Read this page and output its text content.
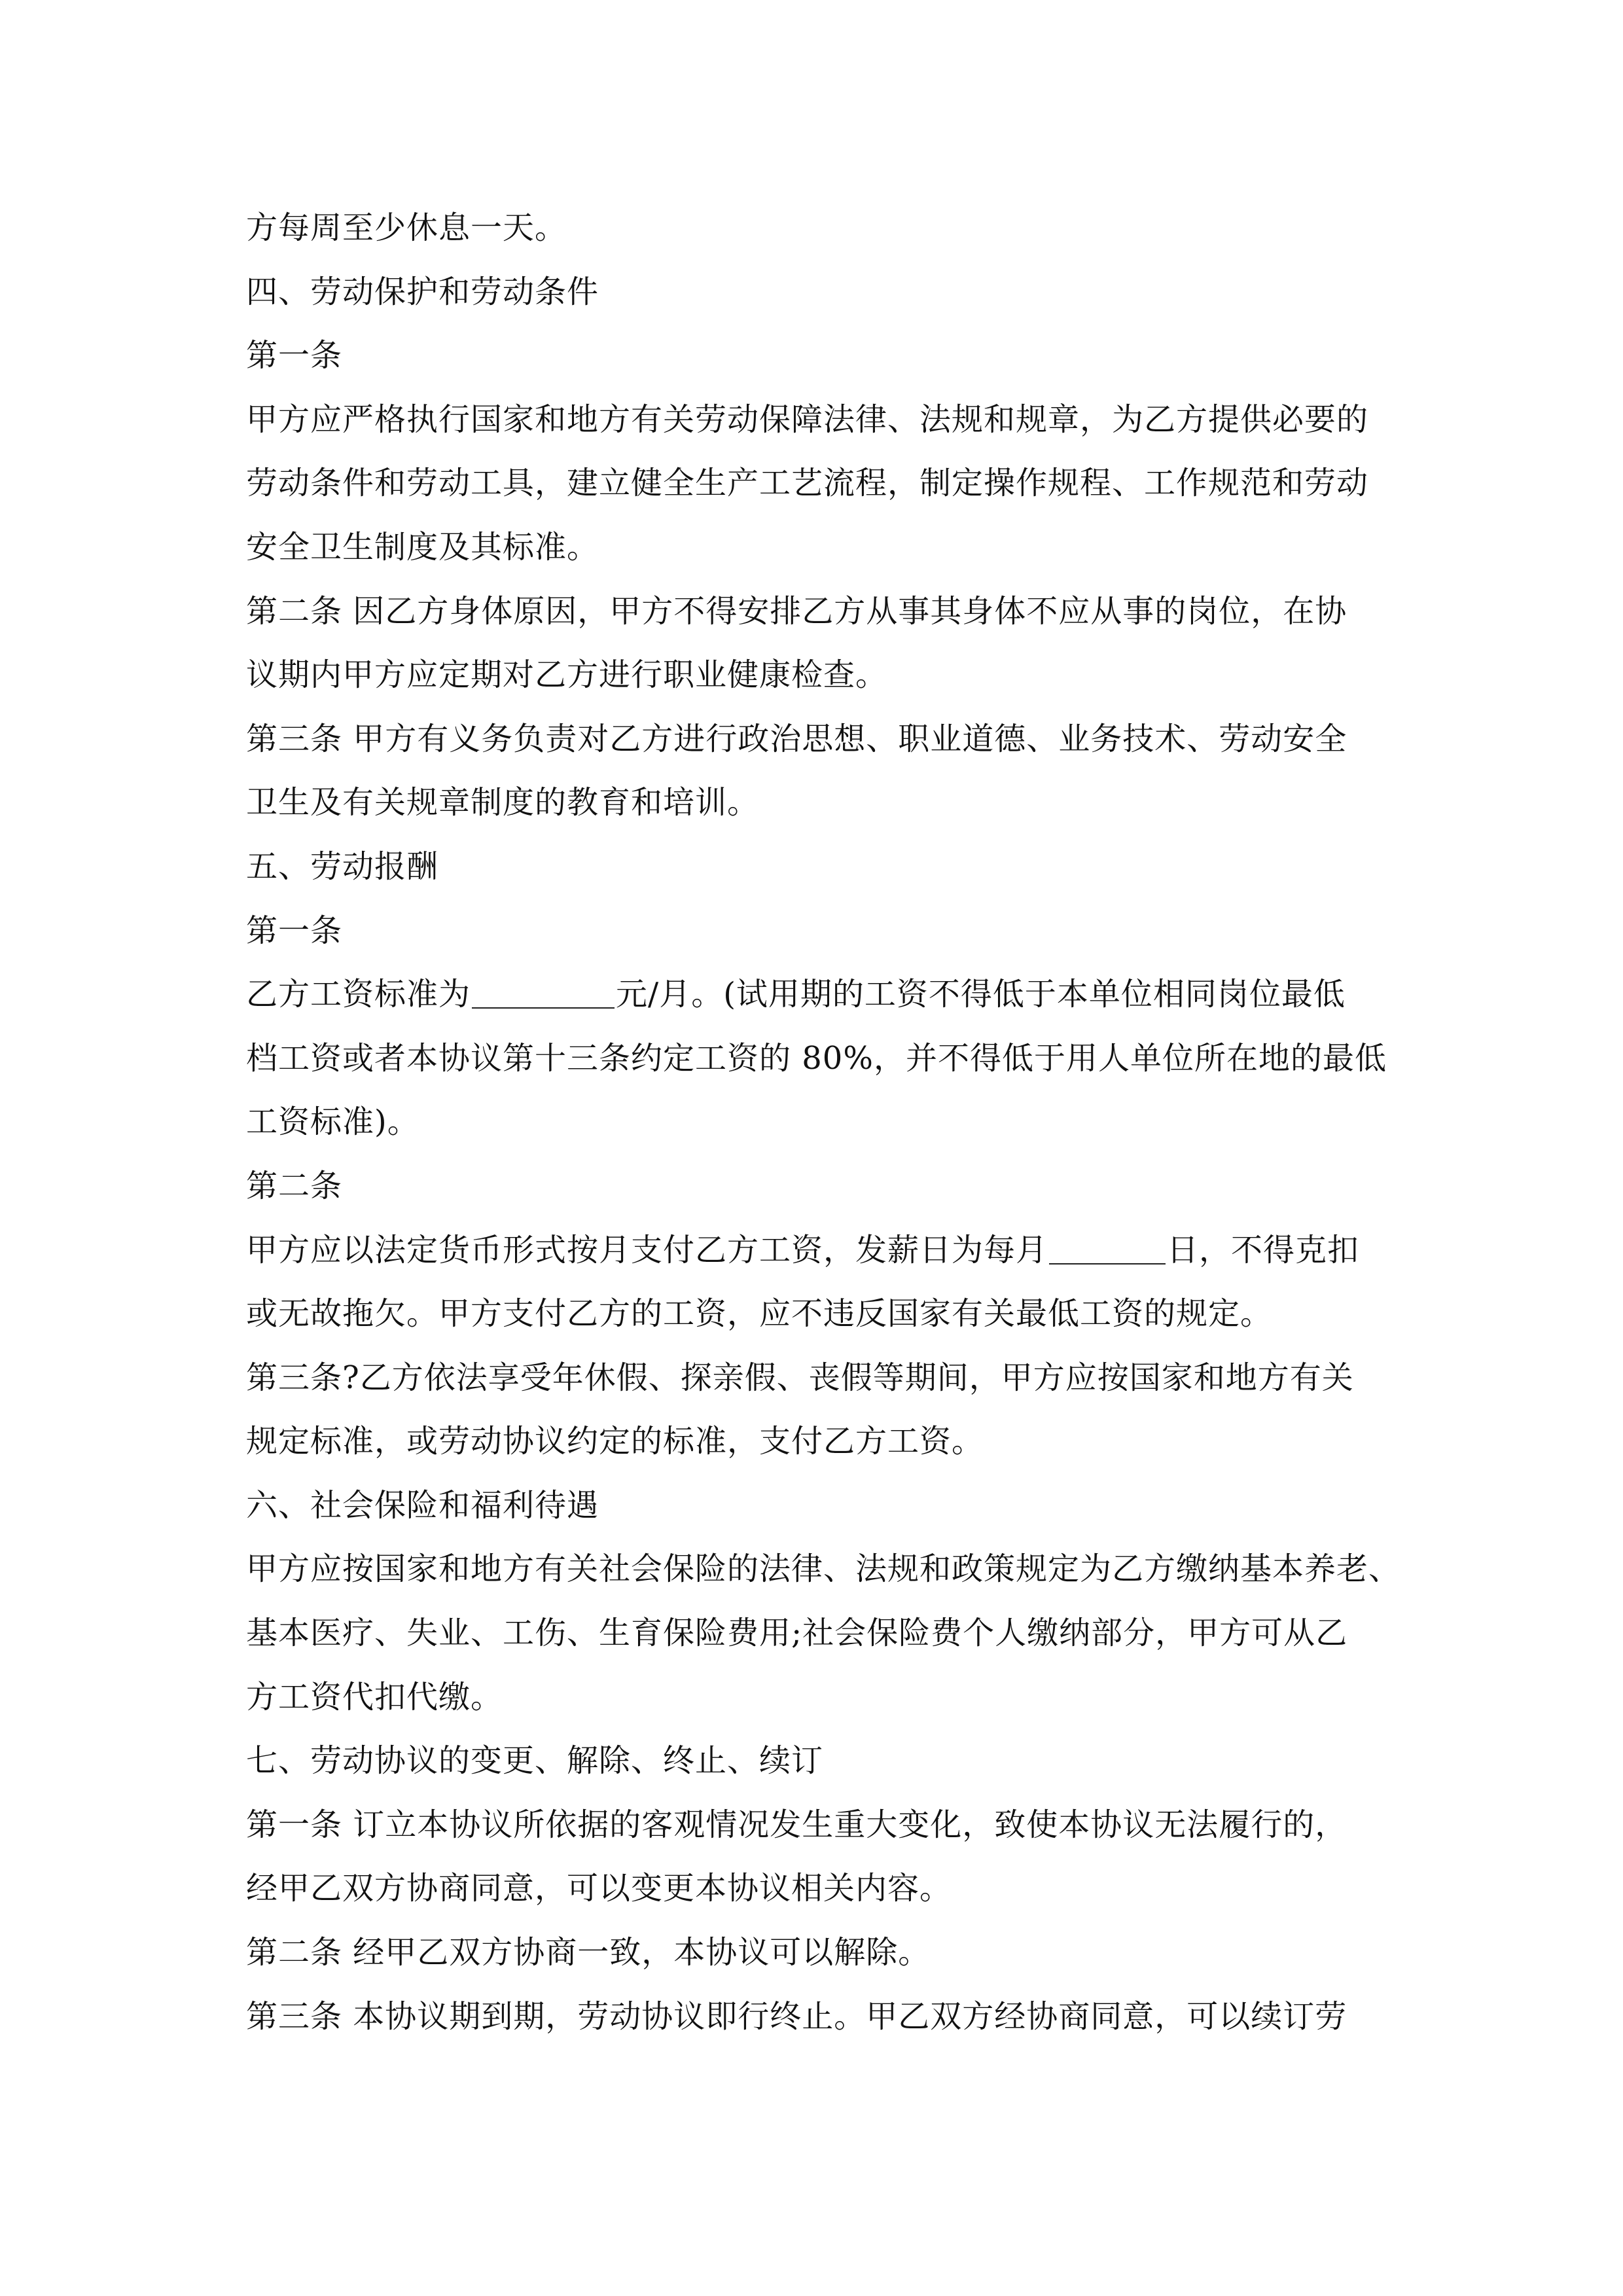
方每周至少休息一天。
四、劳动保护和劳动条件
第一条
甲方应严格执行国家和地方有关劳动保障法律、法规和规章，为乙方提供必要的
劳动条件和劳动工具，建立健全生产工艺流程，制定操作规程、工作规范和劳动
安全卫生制度及其标准。
第二条 因乙方身体原因，甲方不得安排乙方从事其身体不应从事的岗位，在协
议期内甲方应定期对乙方进行职业健康检查。
第三条 甲方有义务负责对乙方进行政治思想、职业道德、业务技术、劳动安全
卫生及有关规章制度的教育和培训。
五、劳动报酬
第一条
乙方工资标准为	元/月。(试用期的工资不得低于本单位相同岗位最低
档工资或者本协议第十三条约定工资的 80%，并不得低于用人单位所在地的最低
工资标准)。
第二条
甲方应以法定货币形式按月支付乙方工资，发薪日为每月	日，不得克扣
或无故拖欠。甲方支付乙方的工资，应不违反国家有关最低工资的规定。
第三条?乙方依法享受年休假、探亲假、丧假等期间，甲方应按国家和地方有关
规定标准，或劳动协议约定的标准，支付乙方工资。
六、社会保险和福利待遇
甲方应按国家和地方有关社会保险的法律、法规和政策规定为乙方缴纳基本养老、
基本医疗、失业、工伤、生育保险费用;社会保险费个人缴纳部分，甲方可从乙
方工资代扣代缴。
七、劳动协议的变更、解除、终止、续订
第一条 订立本协议所依据的客观情况发生重大变化，致使本协议无法履行的，
经甲乙双方协商同意，可以变更本协议相关内容。
第二条 经甲乙双方协商一致，本协议可以解除。
第三条 本协议期到期，劳动协议即行终止。甲乙双方经协商同意，可以续订劳
